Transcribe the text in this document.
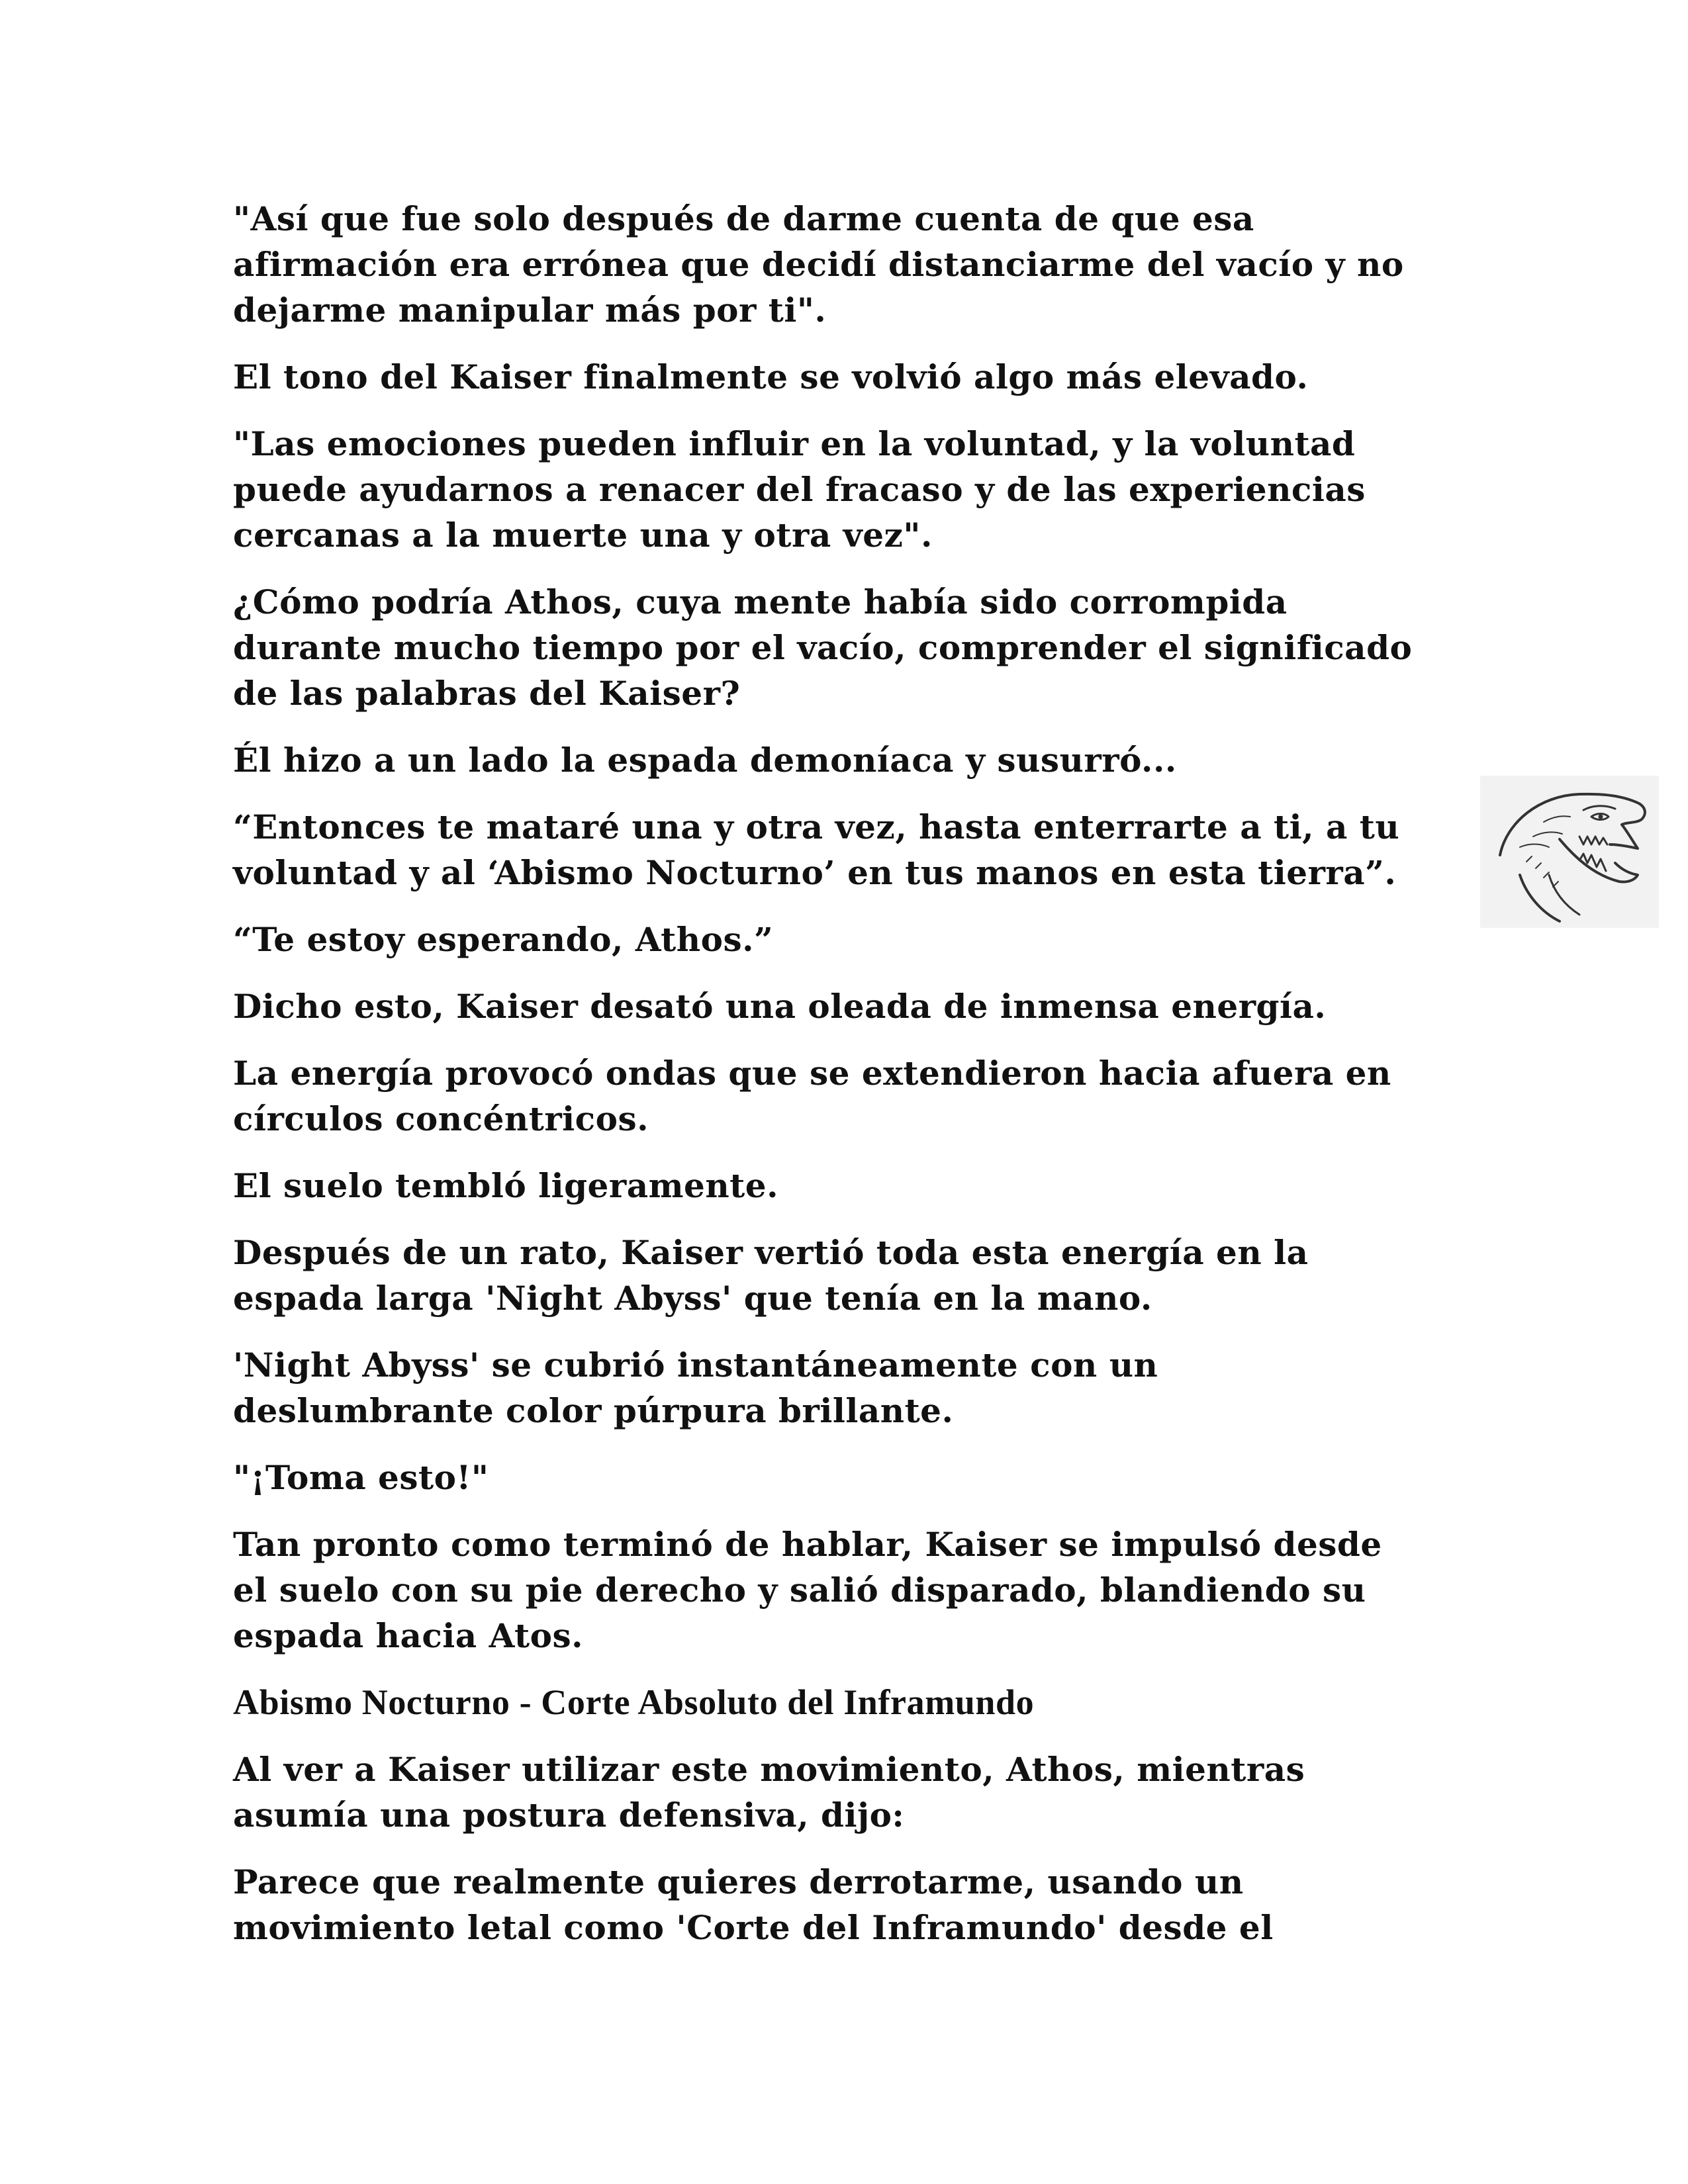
"Así que fue solo después de darme cuenta de que esa
afirmación era errónea que decidí distanciarme del vacío y no
dejarme manipular más por ti".

El tono del Kaiser finalmente se volvió algo más elevado.

"Las emociones pueden influir en la voluntad, y la voluntad
puede ayudarnos a renacer del fracaso y de las experiencias
cercanas a la muerte una y otra vez".

¿Cómo podría Athos, cuya mente había sido corrompida
durante mucho tiempo por el vacío, comprender el significado
de las palabras del Kaiser?

Él hizo a un lado la espada demoníaca y susurró...

“Entonces te mataré una y otra vez, hasta enterrarte a ti, a tu
voluntad y al ‘Abismo Nocturno’ en tus manos en esta tierra”.

“Te estoy esperando, Athos.”

Dicho esto, Kaiser desató una oleada de inmensa energía.

La energía provocó ondas que se extendieron hacia afuera en
círculos concéntricos.

El suelo tembló ligeramente.

Después de un rato, Kaiser vertió toda esta energía en la
espada larga 'Night Abyss' que tenía en la mano.

'Night Abyss' se cubrió instantáneamente con un
deslumbrante color púrpura brillante.

"¡Toma esto!"

Tan pronto como terminó de hablar, Kaiser se impulsó desde
el suelo con su pie derecho y salió disparado, blandiendo su
espada hacia Atos.

Abismo Nocturno - Corte Absoluto del Inframundo

Al ver a Kaiser utilizar este movimiento, Athos, mientras
asumía una postura defensiva, dijo:

Parece que realmente quieres derrotarme, usando un
movimiento letal como 'Corte del Inframundo' desde el
